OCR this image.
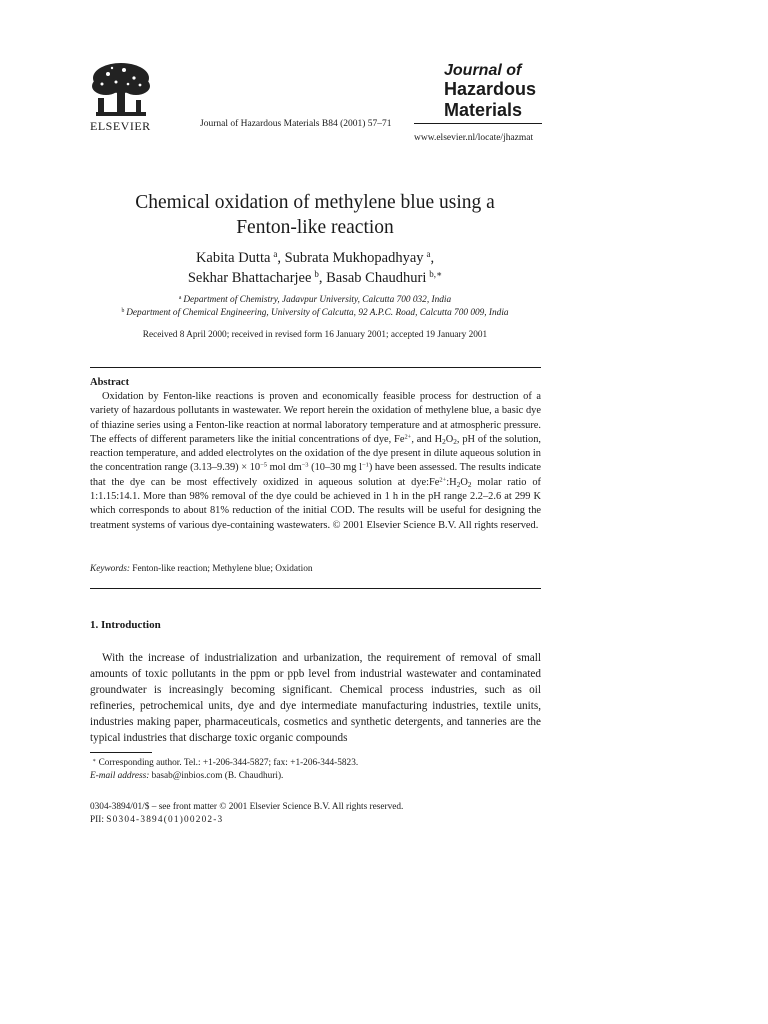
ELSEVIER	Journal of Hazardous Materials B84 (2001) 57–71
Journal of
Hazardous
Materials
www.elsevier.nl/locate/jhazmat
Chemical oxidation of methylene blue using a
Fenton-like reaction
Kabita Dutta  $^a$, Subrata Mukhopadhyay  $^a$,
Sekhar Bhattacharjee  $^b$, Basab Chaudhuri  $^{b,∗}$
$^a$  Department of Chemistry, Jadavpur University, Calcutta 700 032, India
$^b$  Department of Chemical Engineering, University of Calcutta, 92 A.P.C. Road, Calcutta 700 009, India
Received 8 April 2000; received in revised form 16 January 2001; accepted 19 January 2001
Abstract
Oxidation by Fenton-like reactions is proven and economically feasible process for destruction of a variety of hazardous pollutants in wastewater. We report herein the oxidation of methylene blue, a basic dye of thiazine series using a Fenton-like reaction at normal laboratory temperature and at atmospheric pressure. The effects of different parameters like the initial concentrations of dye, $Fe^{2+}$, and $H_2O_2$, pH of the solution, reaction temperature, and added electrolytes on the oxidation of the dye present in dilute aqueous solution in the concentration range $(3.13-9.39) \times 10^{-5}$ mol $dm^{-3}$ (10–30 mg $l^{-1}$) have been assessed. The results indicate that the dye can be most effectively oxidized in aqueous solution at $dye:Fe^{2+}:H_2O_2$ molar ratio of 1:1.15:14.1. More than 98% removal of the dye could be achieved in 1 h in the pH range 2.2–2.6 at 299 K which corresponds to about 81% reduction of the initial COD. The results will be useful for designing the treatment systems of various dye-containing wastewaters. © 2001 Elsevier Science B.V. All rights reserved.
Keywords: Fenton-like reaction; Methylene blue; Oxidation
1. Introduction
With the increase of industrialization and urbanization, the requirement of removal of small amounts of toxic pollutants in the ppm or ppb level from industrial wastewater and contaminated groundwater is increasingly becoming significant. Chemical process industries, such as oil refineries, petrochemical units, dye and dye intermediate manufacturing industries, textile units, industries making paper, pharmaceuticals, cosmetics and synthetic detergents, and tanneries are the typical industries that discharge toxic organic compounds
∗ Corresponding author. Tel.: +1-206-344-5827; fax: +1-206-344-5823.
E-mail address: basab@inbios.com (B. Chaudhuri).
0304-3894/01/$ – see front matter © 2001 Elsevier Science B.V. All rights reserved.
PII: S0304-3894(01)00202-3
